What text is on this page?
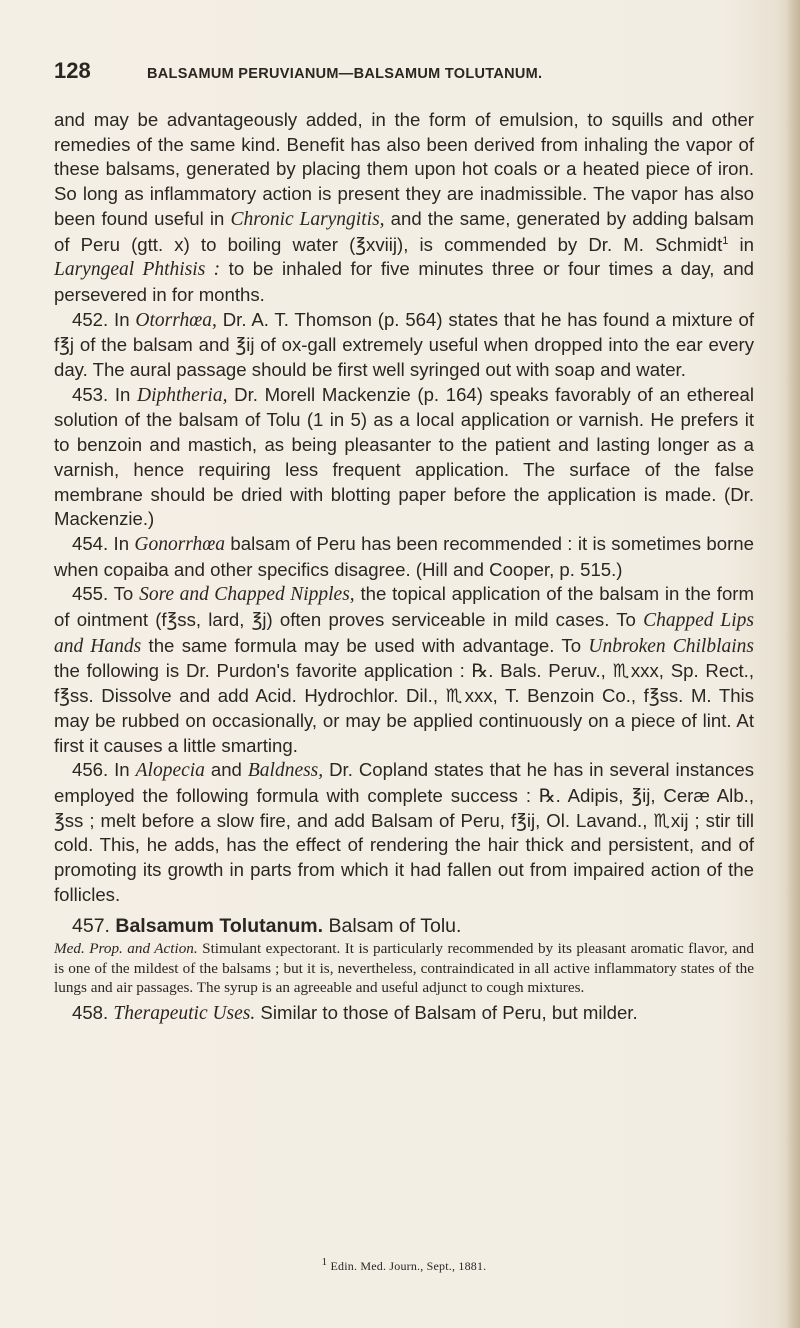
128	BALSAMUM PERUVIANUM—BALSAMUM TOLUTANUM.

and may be advantageously added, in the form of emulsion, to squills and other remedies of the same kind. Benefit has also been derived from inhaling the vapor of these balsams, generated by placing them upon hot coals or a heated piece of iron. So long as inflammatory action is present they are inadmissible. The vapor has also been found useful in Chronic Laryngitis, and the same, generated by adding balsam of Peru (gtt. x) to boiling water (℥xviij), is commended by Dr. M. Schmidt$^1$ in Laryngeal Phthisis : to be inhaled for five minutes three or four times a day, and persevered in for months.

452. In Otorrhœa, Dr. A. T. Thomson (p. 564) states that he has found a mixture of f℥j of the balsam and ℥ij of ox-gall extremely useful when dropped into the ear every day. The aural passage should be first well syringed out with soap and water.

453. In Diphtheria, Dr. Morell Mackenzie (p. 164) speaks favorably of an ethereal solution of the balsam of Tolu (1 in 5) as a local application or varnish. He prefers it to benzoin and mastich, as being pleasanter to the patient and lasting longer as a varnish, hence requiring less frequent application. The surface of the false membrane should be dried with blotting paper before the application is made. (Dr. Mackenzie.)

454. In Gonorrhœa balsam of Peru has been recommended : it is sometimes borne when copaiba and other specifics disagree. (Hill and Cooper, p. 515.)

455. To Sore and Chapped Nipples, the topical application of the balsam in the form of ointment (f℥ss, lard, ℥j) often proves serviceable in mild cases. To Chapped Lips and Hands the same formula may be used with advantage. To Unbroken Chilblains the following is Dr. Purdon's favorite application : ℞. Bals. Peruv., ♏xxx, Sp. Rect., f℥ss. Dissolve and add Acid. Hydrochlor. Dil., ♏xxx, T. Benzoin Co., f℥ss. M. This may be rubbed on occasionally, or may be applied continuously on a piece of lint. At first it causes a little smarting.

456. In Alopecia and Baldness, Dr. Copland states that he has in several instances employed the following formula with complete success : ℞. Adipis, ℥ij, Ceræ Alb., ℥ss ; melt before a slow fire, and add Balsam of Peru, f℥ij, Ol. Lavand., ♏xij ; stir till cold. This, he adds, has the effect of rendering the hair thick and persistent, and of promoting its growth in parts from which it had fallen out from impaired action of the follicles.

457. Balsamum Tolutanum. Balsam of Tolu.

Med. Prop. and Action. Stimulant expectorant. It is particularly recommended by its pleasant aromatic flavor, and is one of the mildest of the balsams ; but it is, nevertheless, contraindicated in all active inflammatory states of the lungs and air passages. The syrup is an agreeable and useful adjunct to cough mixtures.

458. Therapeutic Uses. Similar to those of Balsam of Peru, but milder.

1 Edin. Med. Journ., Sept., 1881.
